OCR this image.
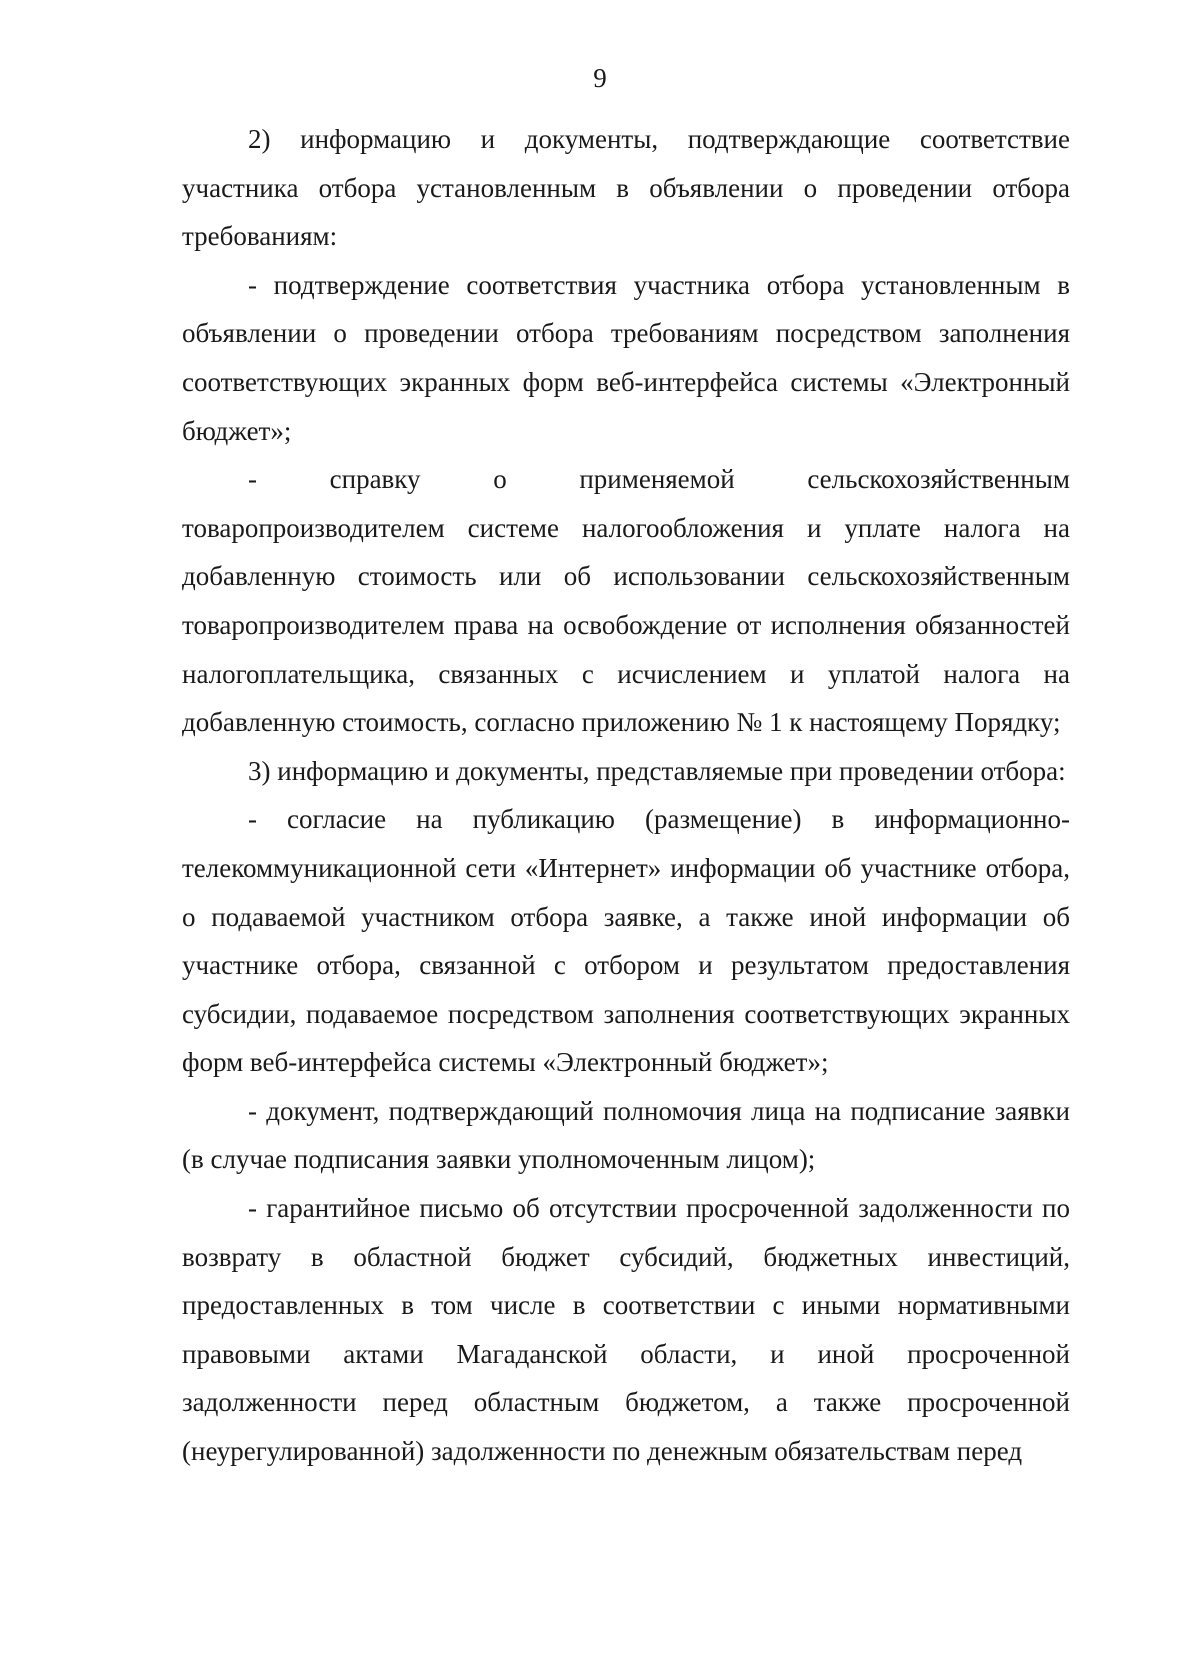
9

2) информацию и документы, подтверждающие соответствие участника отбора установленным в объявлении о проведении отбора требованиям:

- подтверждение соответствия участника отбора установленным в объявлении о проведении отбора требованиям посредством заполнения соответствующих экранных форм веб-интерфейса системы «Электронный бюджет»;

- справку о применяемой сельскохозяйственным товаропроизводителем системе налогообложения и уплате налога на добавленную стоимость или об использовании сельскохозяйственным товаропроизводителем права на освобождение от исполнения обязанностей налогоплательщика, связанных с исчислением и уплатой налога на добавленную стоимость, согласно приложению № 1 к настоящему Порядку;

3) информацию и документы, представляемые при проведении отбора:

- согласие на публикацию (размещение) в информационно-телекоммуникационной сети «Интернет» информации об участнике отбора, о подаваемой участником отбора заявке, а также иной информации об участнике отбора, связанной с отбором и результатом предоставления субсидии, подаваемое посредством заполнения соответствующих экранных форм веб-интерфейса системы «Электронный бюджет»;

- документ, подтверждающий полномочия лица на подписание заявки (в случае подписания заявки уполномоченным лицом);

- гарантийное письмо об отсутствии просроченной задолженности по возврату в областной бюджет субсидий, бюджетных инвестиций, предоставленных в том числе в соответствии с иными нормативными правовыми актами Магаданской области, и иной просроченной задолженности перед областным бюджетом, а также просроченной (неурегулированной) задолженности по денежным обязательствам перед
